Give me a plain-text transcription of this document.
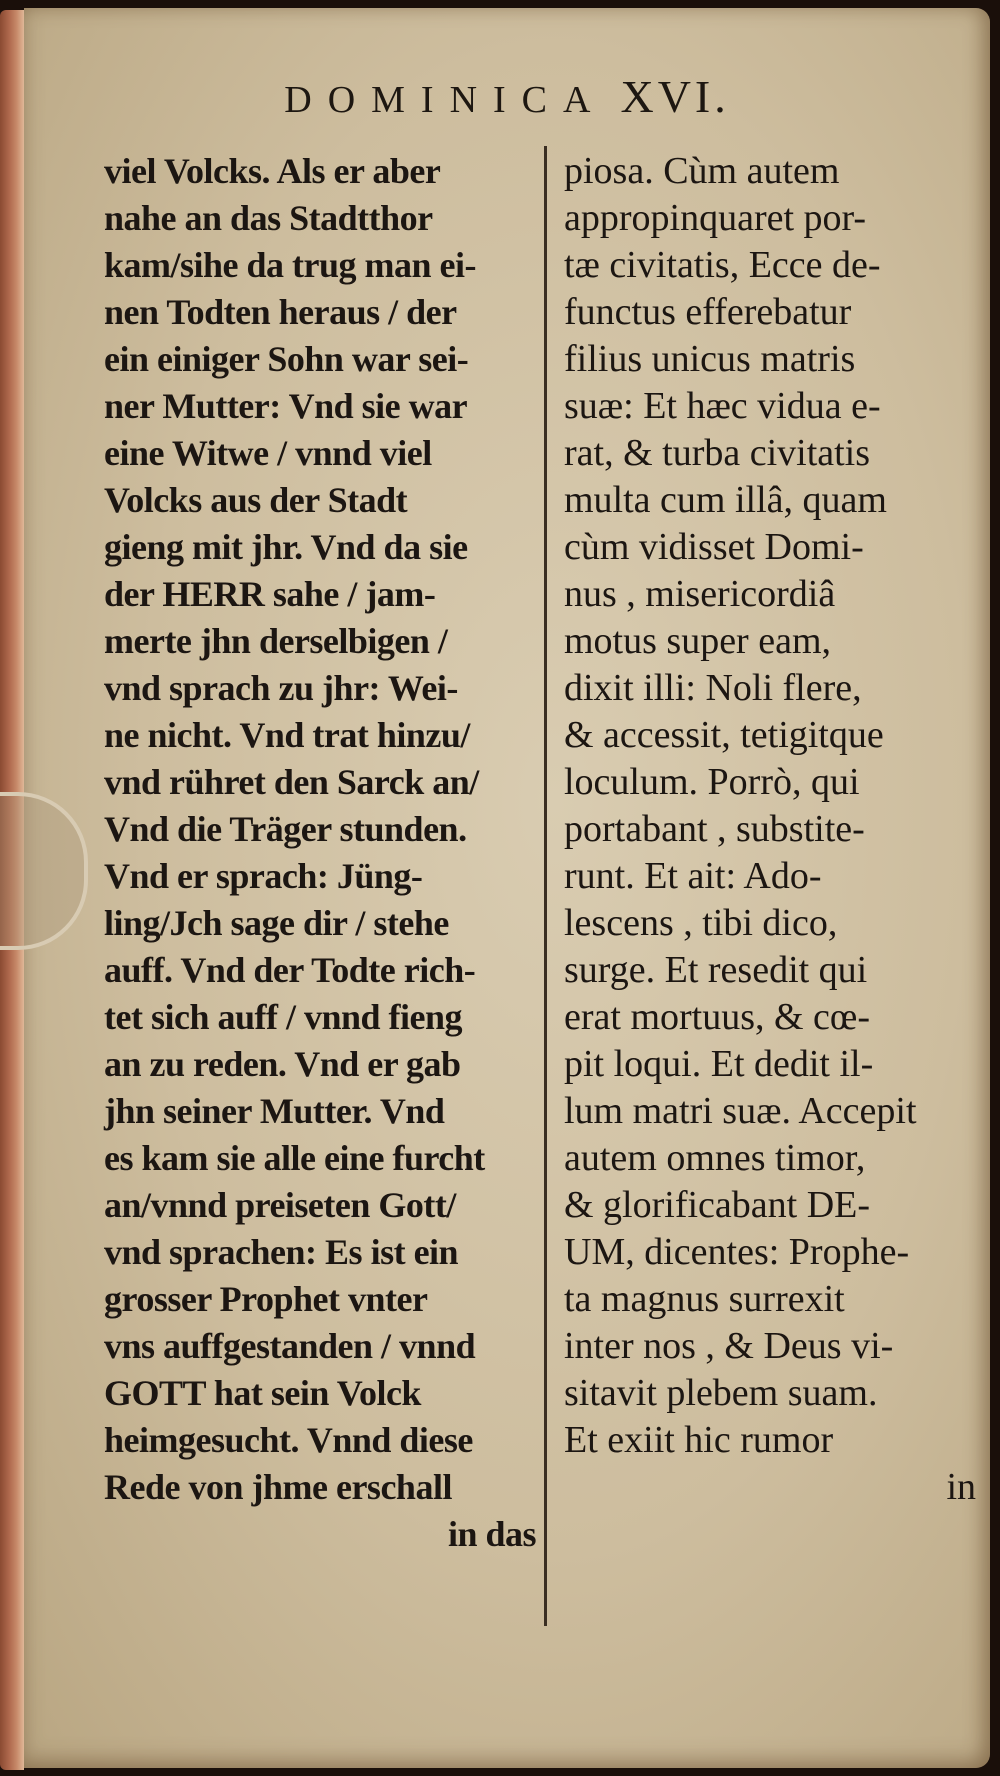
DOMINICA XVI.
viel Volcks. Als er aber
nahe an das Stadtthor
kam/sihe da trug man ei-
nen Todten heraus / der
ein einiger Sohn war sei-
ner Mutter: Vnd sie war
eine Witwe / vnnd viel
Volcks aus der Stadt
gieng mit jhr. Vnd da sie
der HERR sahe / jam-
merte jhn derselbigen /
vnd sprach zu jhr: Wei-
ne nicht. Vnd trat hinzu/
vnd rühret den Sarck an/
Vnd die Träger stunden.
Vnd er sprach: Jüng-
ling/Jch sage dir / stehe
auff. Vnd der Todte rich-
tet sich auff / vnnd fieng
an zu reden. Vnd er gab
jhn seiner Mutter. Vnd
es kam sie alle eine furcht
an/vnnd preiseten Gott/
vnd sprachen: Es ist ein
grosser Prophet vnter
vns auffgestanden / vnnd
GOTT hat sein Volck
heimgesucht. Vnnd diese
Rede von jhme erschall
in das
piosa. Cùm autem
appropinquaret por-
tæ civitatis, Ecce de-
functus efferebatur
filius unicus matris
suæ: Et hæc vidua e-
rat, & turba civitatis
multa cum illâ, quam
cùm vidisset Domi-
nus , misericordiâ
motus super eam,
dixit illi: Noli flere,
& accessit, tetigitque
loculum. Porrò, qui
portabant , substite-
runt. Et ait: Ado-
lescens , tibi dico,
surge. Et resedit qui
erat mortuus, & cœ-
pit loqui. Et dedit il-
lum matri suæ. Accepit
autem omnes timor,
& glorificabant DE-
UM, dicentes: Prophe-
ta magnus surrexit
inter nos , & Deus vi-
sitavit plebem suam.
Et exiit hic rumor
in
